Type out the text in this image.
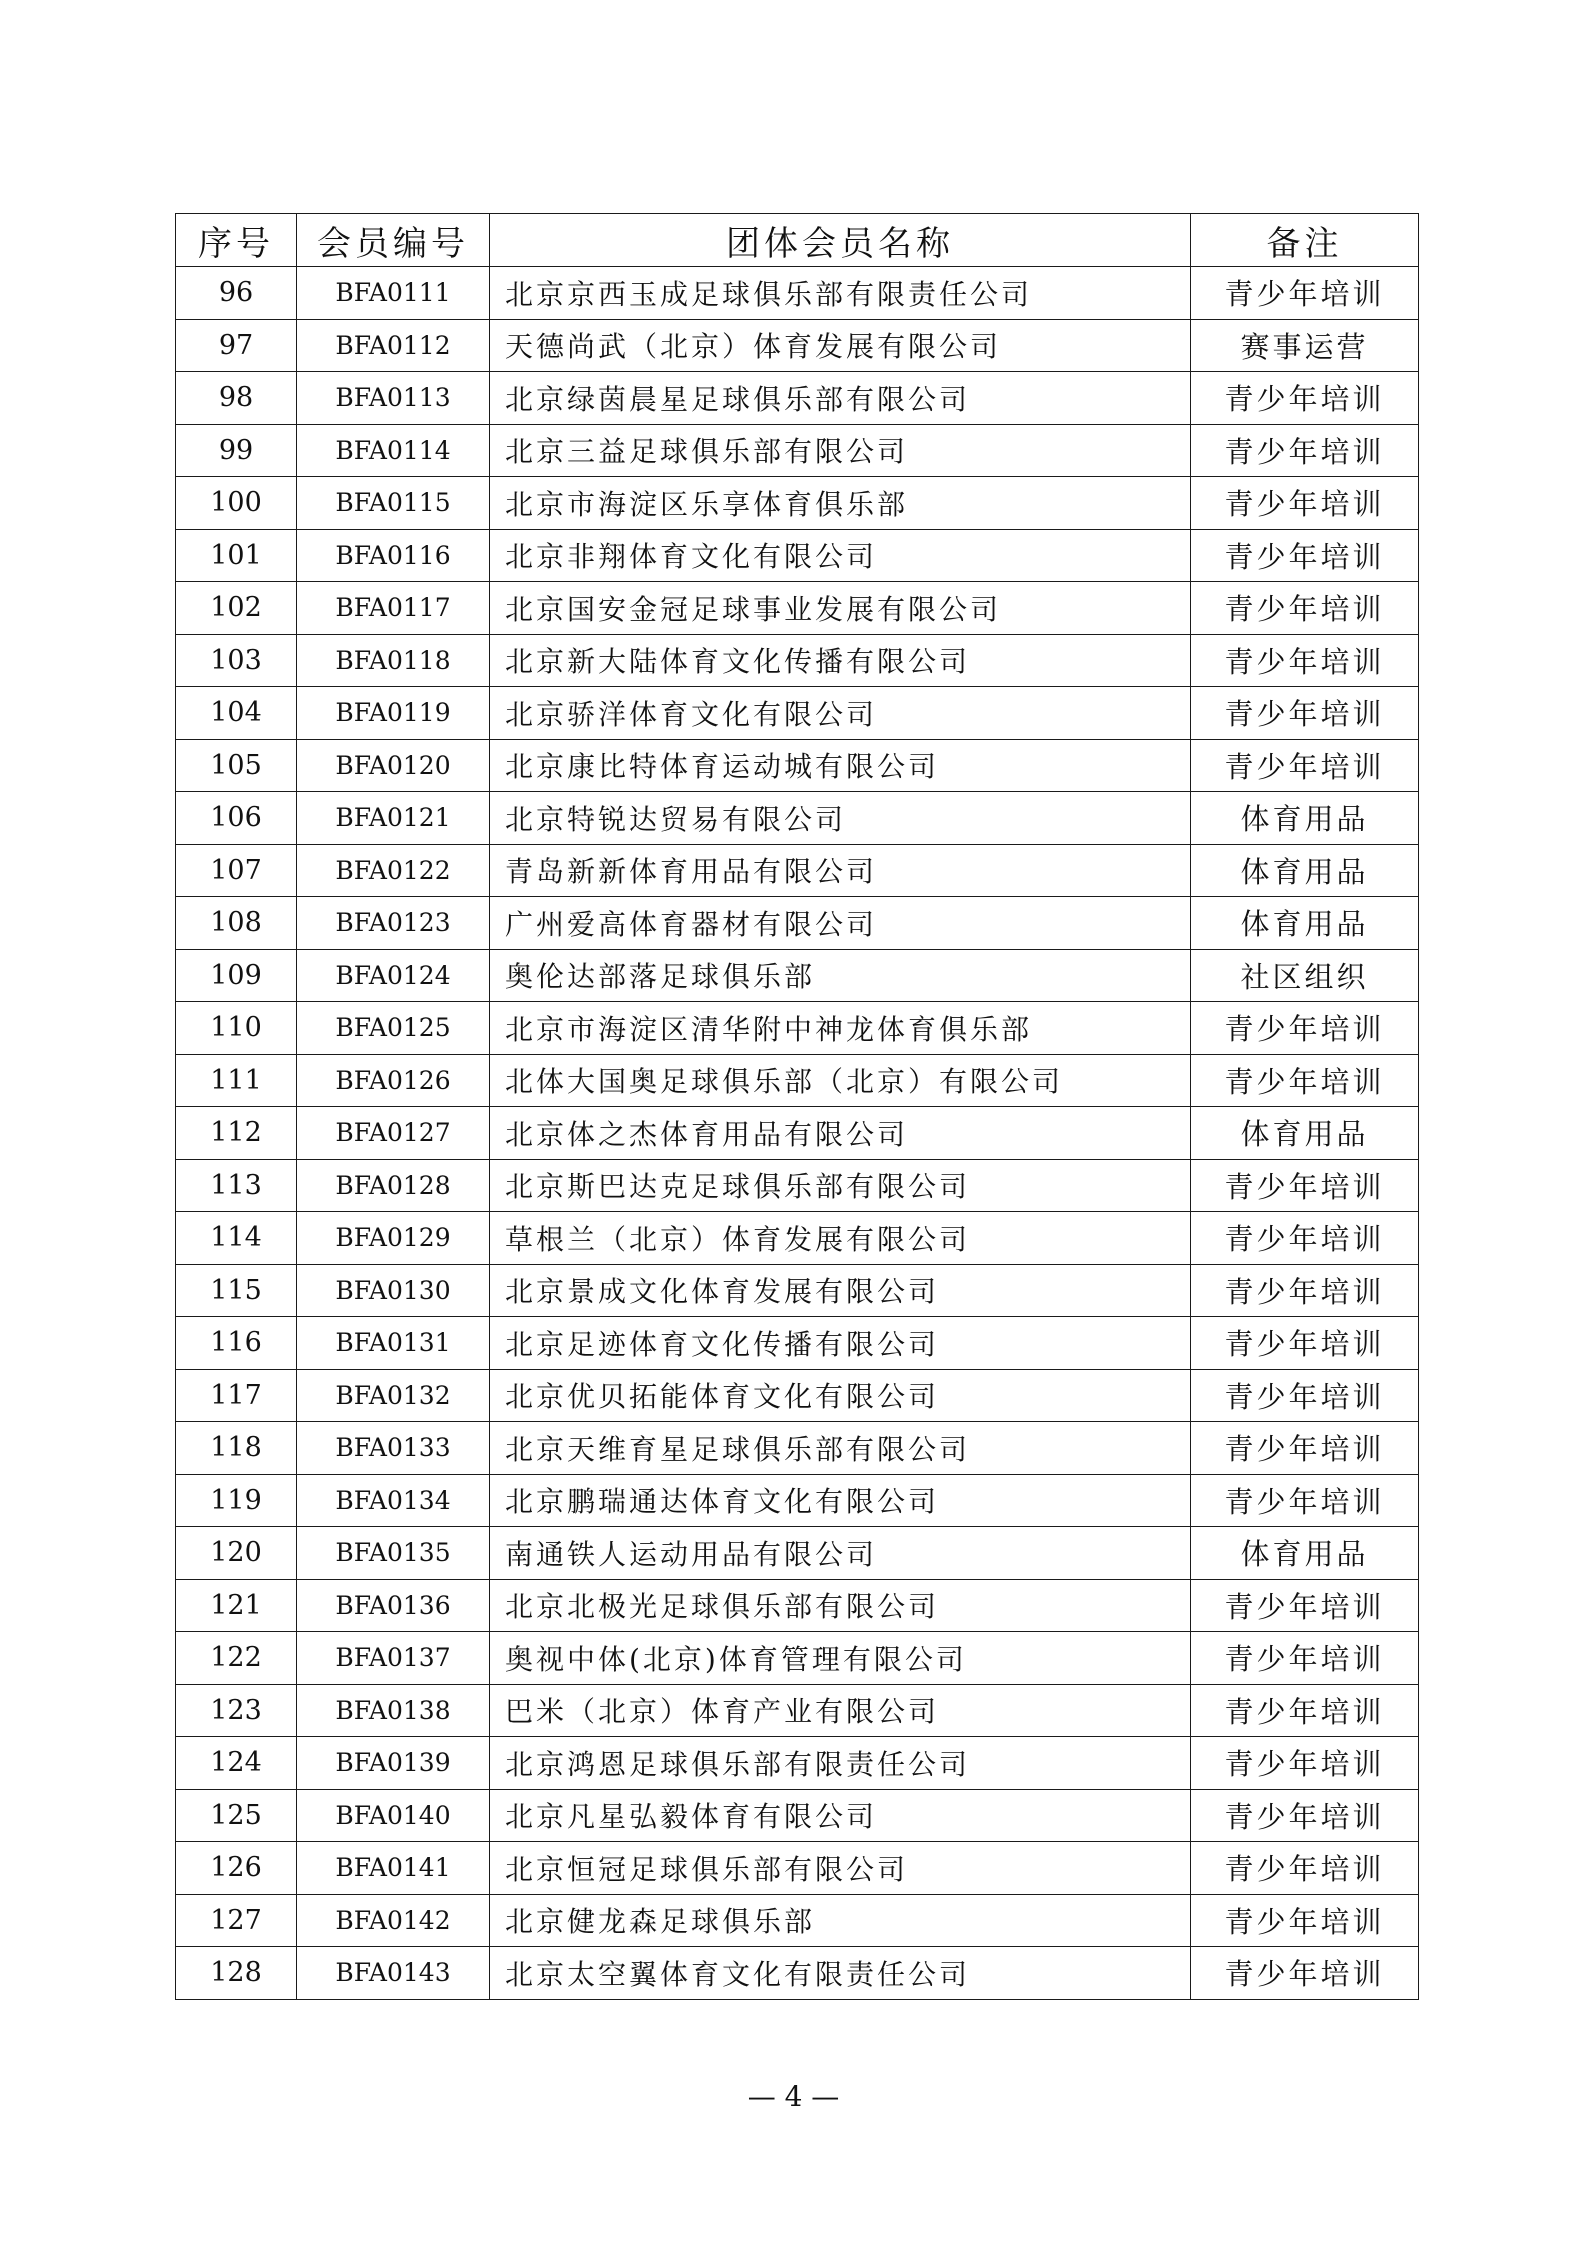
序号	会员编号	团体会员名称	备注
96	BFA0111	北京京西玉成足球俱乐部有限责任公司	青少年培训
97	BFA0112	天德尚武（北京）体育发展有限公司	赛事运营
98	BFA0113	北京绿茵晨星足球俱乐部有限公司	青少年培训
99	BFA0114	北京三益足球俱乐部有限公司	青少年培训
100	BFA0115	北京市海淀区乐享体育俱乐部	青少年培训
101	BFA0116	北京非翔体育文化有限公司	青少年培训
102	BFA0117	北京国安金冠足球事业发展有限公司	青少年培训
103	BFA0118	北京新大陆体育文化传播有限公司	青少年培训
104	BFA0119	北京骄洋体育文化有限公司	青少年培训
105	BFA0120	北京康比特体育运动城有限公司	青少年培训
106	BFA0121	北京特锐达贸易有限公司	体育用品
107	BFA0122	青岛新新体育用品有限公司	体育用品
108	BFA0123	广州爱高体育器材有限公司	体育用品
109	BFA0124	奥伦达部落足球俱乐部	社区组织
110	BFA0125	北京市海淀区清华附中神龙体育俱乐部	青少年培训
111	BFA0126	北体大国奥足球俱乐部（北京）有限公司	青少年培训
112	BFA0127	北京体之杰体育用品有限公司	体育用品
113	BFA0128	北京斯巴达克足球俱乐部有限公司	青少年培训
114	BFA0129	草根兰（北京）体育发展有限公司	青少年培训
115	BFA0130	北京景成文化体育发展有限公司	青少年培训
116	BFA0131	北京足迹体育文化传播有限公司	青少年培训
117	BFA0132	北京优贝拓能体育文化有限公司	青少年培训
118	BFA0133	北京天维育星足球俱乐部有限公司	青少年培训
119	BFA0134	北京鹏瑞通达体育文化有限公司	青少年培训
120	BFA0135	南通铁人运动用品有限公司	体育用品
121	BFA0136	北京北极光足球俱乐部有限公司	青少年培训
122	BFA0137	奥视中体(北京)体育管理有限公司	青少年培训
123	BFA0138	巴米（北京）体育产业有限公司	青少年培训
124	BFA0139	北京鸿恩足球俱乐部有限责任公司	青少年培训
125	BFA0140	北京凡星弘毅体育有限公司	青少年培训
126	BFA0141	北京恒冠足球俱乐部有限公司	青少年培训
127	BFA0142	北京健龙森足球俱乐部	青少年培训
128	BFA0143	北京太空翼体育文化有限责任公司	青少年培训
— 4 —
